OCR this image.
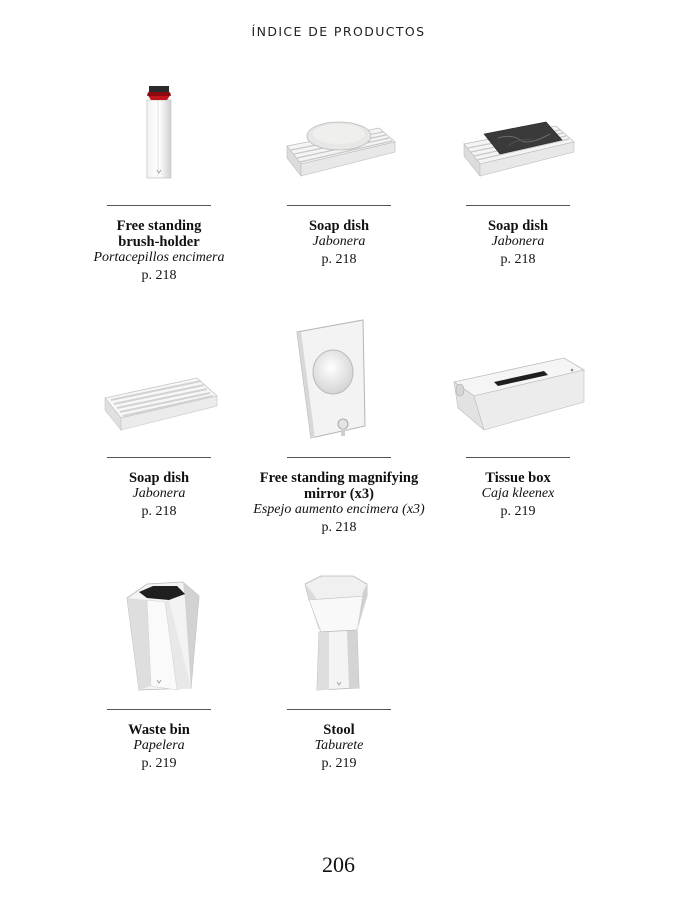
ÍNDICE DE PRODUCTOS
Free standing brush-holder
Portacepillos encimera
p. 218
Soap dish
Jabonera
p. 218
Soap dish
Jabonera
p. 218
Soap dish
Jabonera
p. 218
Free standing magnifying mirror (x3)
Espejo aumento encimera (x3)
p. 218
Tissue box
Caja kleenex
p. 219
Waste bin
Papelera
p. 219
Stool
Taburete
p. 219
206
